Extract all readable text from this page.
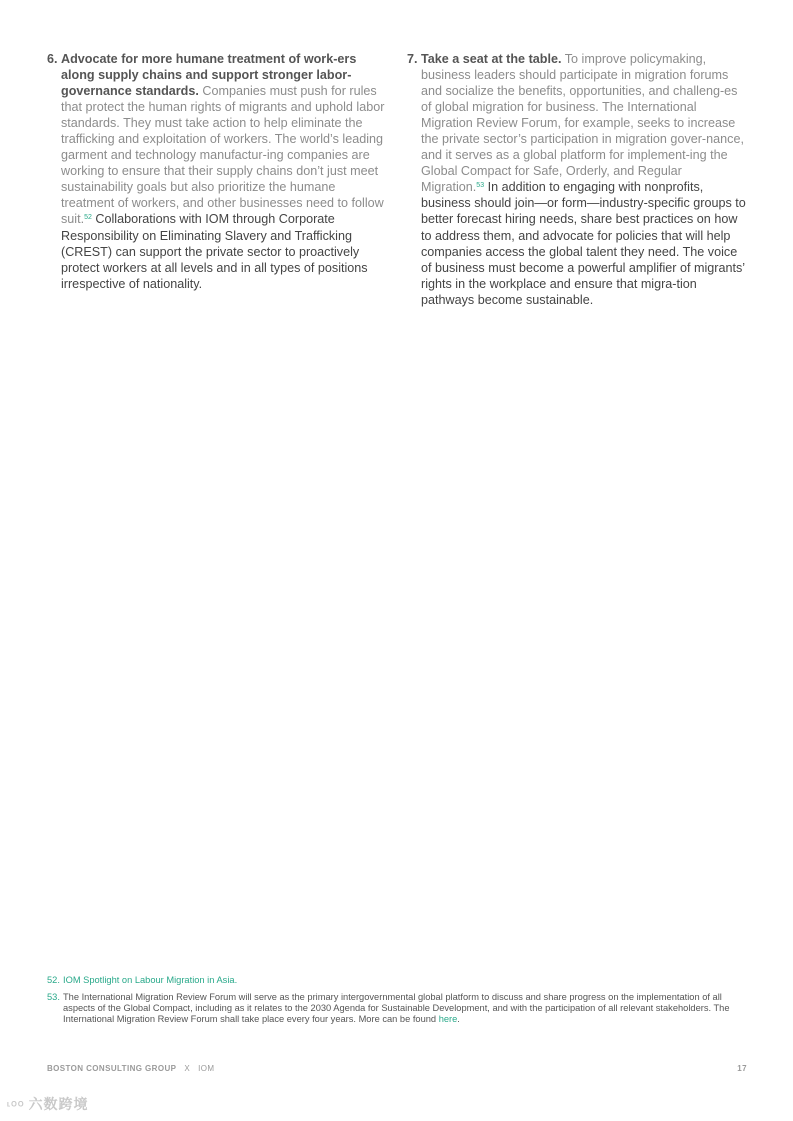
6. Advocate for more humane treatment of work-ers along supply chains and support stronger labor-governance standards. Companies must push for rules that protect the human rights of migrants and uphold labor standards. They must take action to help eliminate the trafficking and exploitation of workers. The world’s leading garment and technology manufactur-ing companies are working to ensure that their supply chains don’t just meet sustainability goals but also prioritize the humane treatment of workers, and other businesses need to follow suit.$^{52}$ Collaborations with IOM through Corporate Responsibility on Eliminating Slavery and Trafficking (CREST) can support the private sector to proactively protect workers at all levels and in all types of positions irrespective of nationality.
7. Take a seat at the table. To improve policymaking, business leaders should participate in migration forums and socialize the benefits, opportunities, and challeng-es of global migration for business. The International Migration Review Forum, for example, seeks to increase the private sector’s participation in migration gover-nance, and it serves as a global platform for implement-ing the Global Compact for Safe, Orderly, and Regular Migration.$^{53}$ In addition to engaging with nonprofits, business should join—or form—industry-specific groups to better forecast hiring needs, share best practices on how to address them, and advocate for policies that will help companies access the global talent they need. The voice of business must become a powerful amplifier of migrants’ rights in the workplace and ensure that migra-tion pathways become sustainable.
52. IOM Spotlight on Labour Migration in Asia.
53. The International Migration Review Forum will serve as the primary intergovernmental global platform to discuss and share progress on the implementation of all aspects of the Global Compact, including as it relates to the 2030 Agenda for Sustainable Development, and with the participation of all relevant stakeholders. The International Migration Review Forum shall take place every four years. More can be found here.
BOSTON CONSULTING GROUP X IOM	17
ᶫᴼᴼ 六数跨境
